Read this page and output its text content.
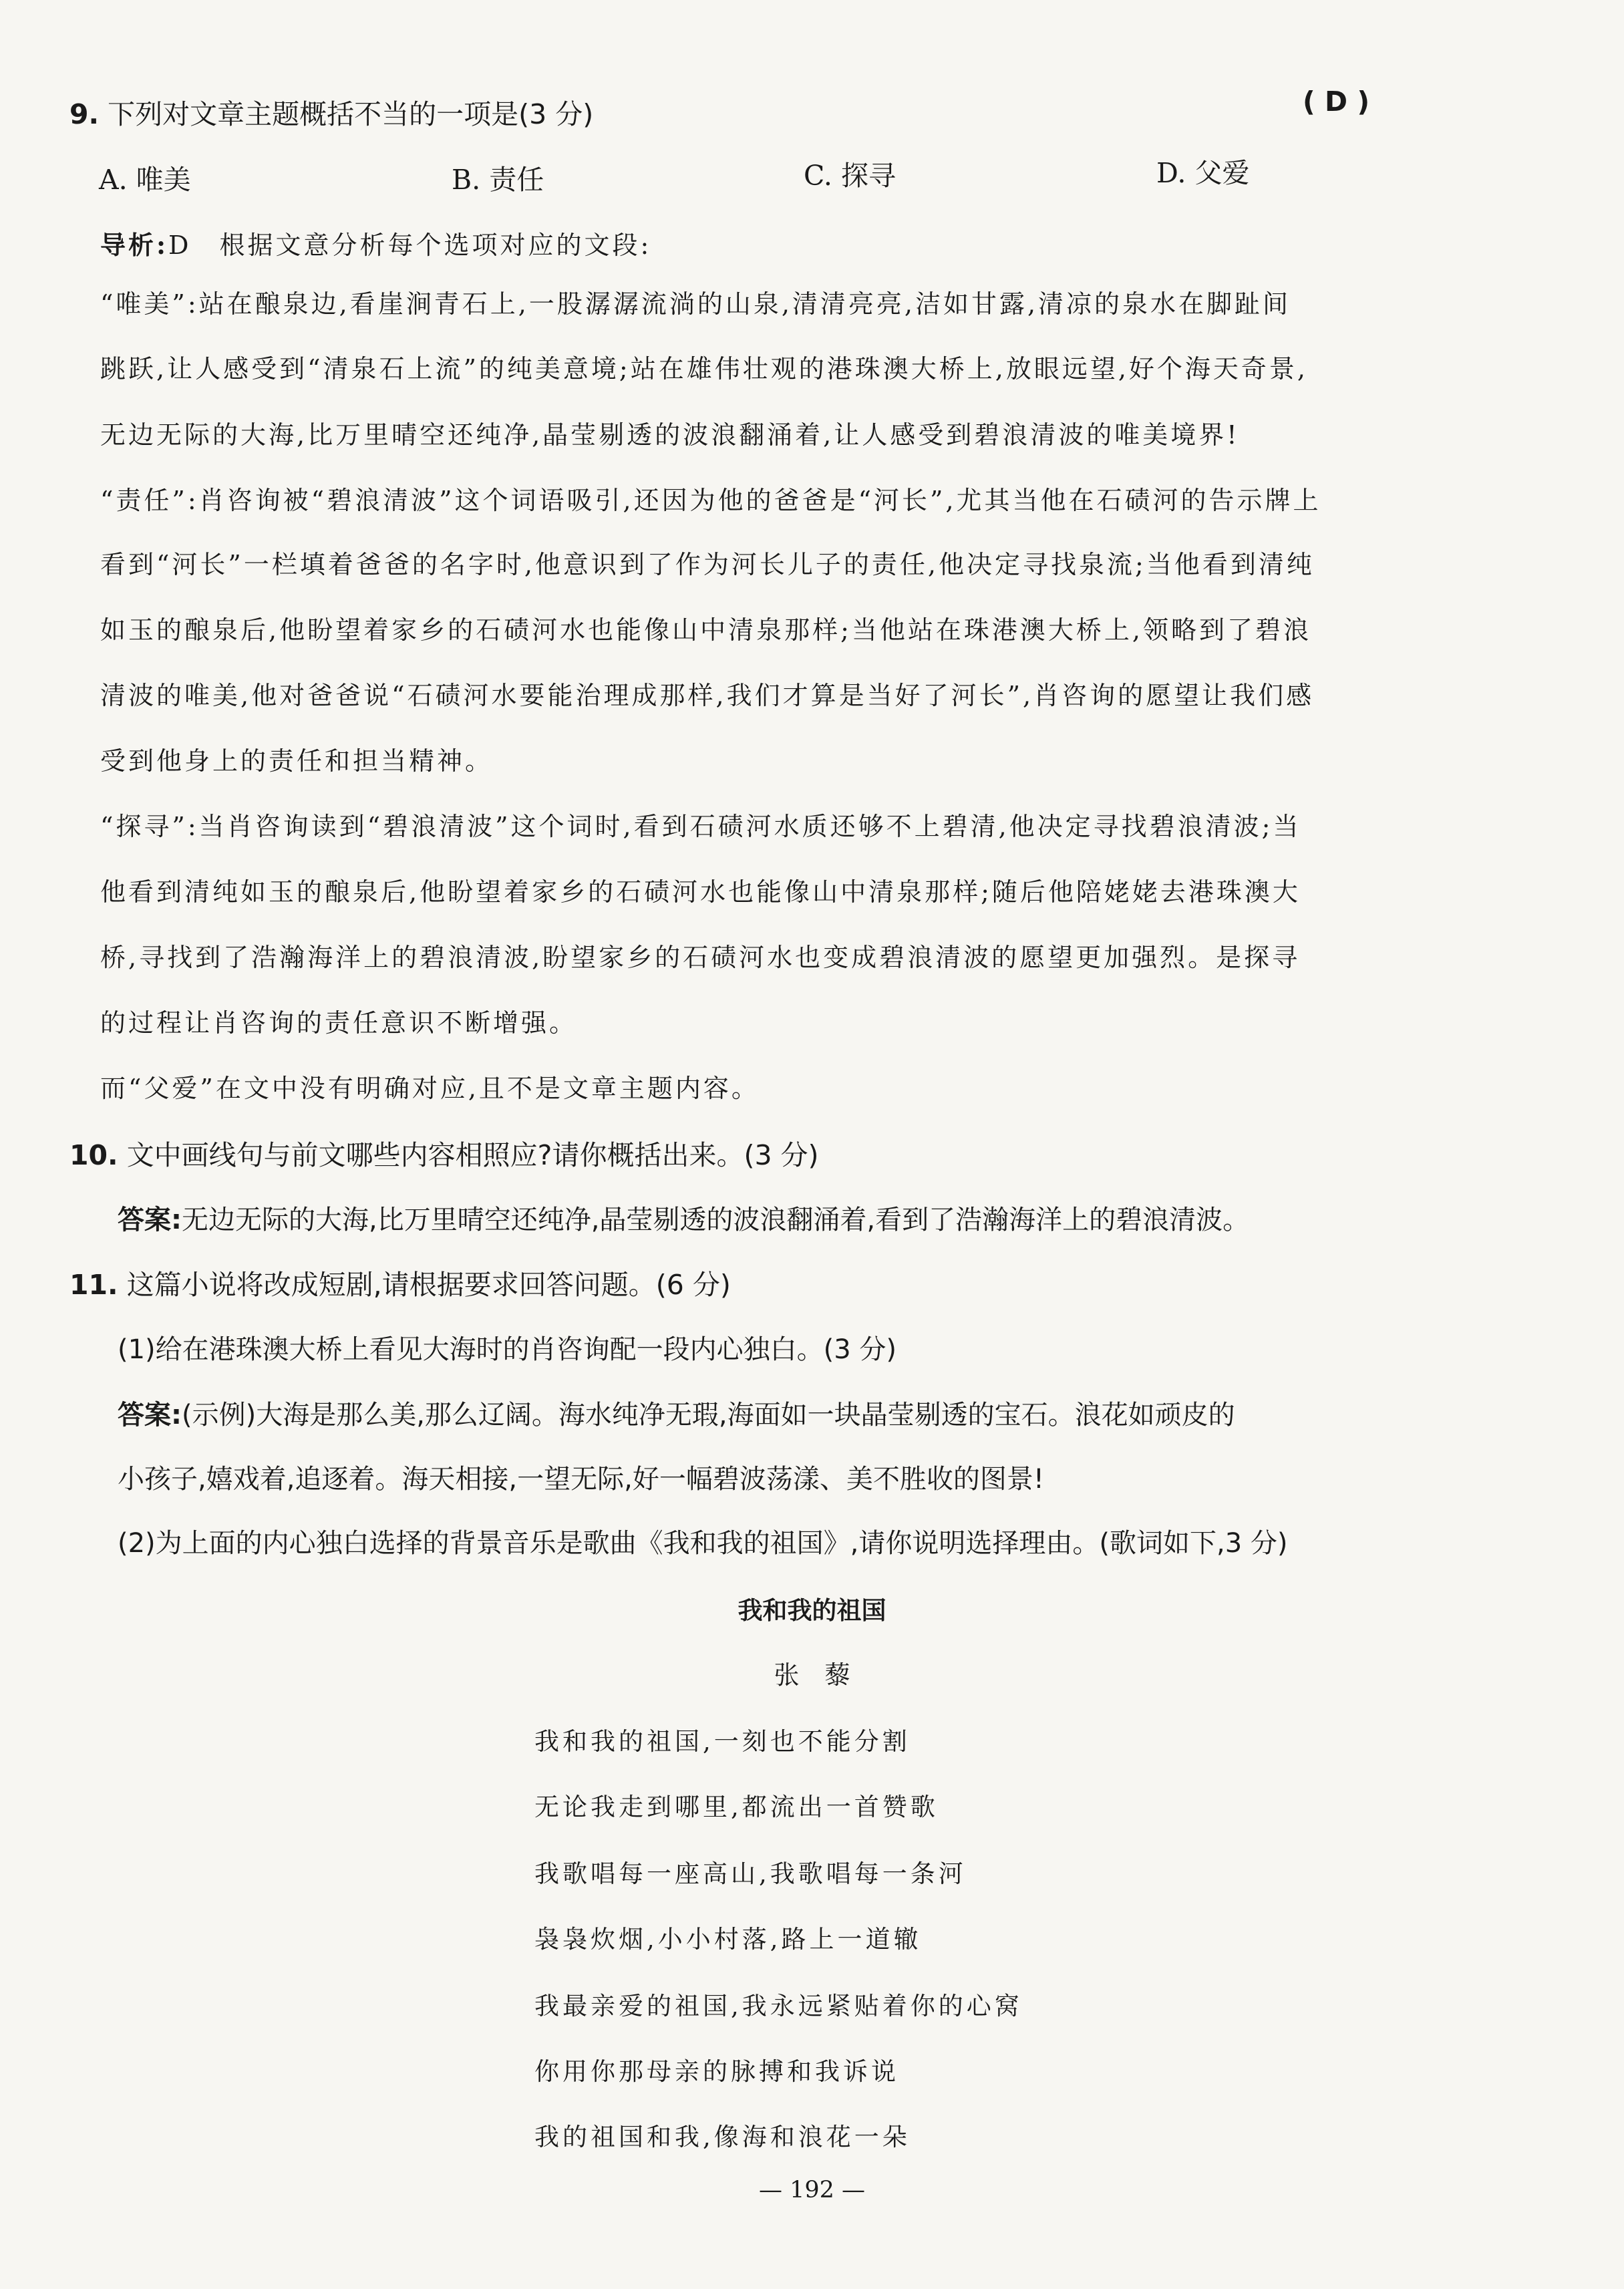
9. 下列对文章主题概括不当的一项是(3 分)	( D )
A. 唯美	B. 责任	C. 探寻	D. 父爱
导析:D　根据文意分析每个选项对应的文段:
“唯美”:站在酿泉边,看崖涧青石上,一股潺潺流淌的山泉,清清亮亮,洁如甘露,清凉的泉水在脚趾间
跳跃,让人感受到“清泉石上流”的纯美意境;站在雄伟壮观的港珠澳大桥上,放眼远望,好个海天奇景,
无边无际的大海,比万里晴空还纯净,晶莹剔透的波浪翻涌着,让人感受到碧浪清波的唯美境界!
“责任”:肖咨询被“碧浪清波”这个词语吸引,还因为他的爸爸是“河长”,尤其当他在石碛河的告示牌上
看到“河长”一栏填着爸爸的名字时,他意识到了作为河长儿子的责任,他决定寻找泉流;当他看到清纯
如玉的酿泉后,他盼望着家乡的石碛河水也能像山中清泉那样;当他站在珠港澳大桥上,领略到了碧浪
清波的唯美,他对爸爸说“石碛河水要能治理成那样,我们才算是当好了河长”,肖咨询的愿望让我们感
受到他身上的责任和担当精神。
“探寻”:当肖咨询读到“碧浪清波”这个词时,看到石碛河水质还够不上碧清,他决定寻找碧浪清波;当
他看到清纯如玉的酿泉后,他盼望着家乡的石碛河水也能像山中清泉那样;随后他陪姥姥去港珠澳大
桥,寻找到了浩瀚海洋上的碧浪清波,盼望家乡的石碛河水也变成碧浪清波的愿望更加强烈。是探寻
的过程让肖咨询的责任意识不断增强。
而“父爱”在文中没有明确对应,且不是文章主题内容。
10. 文中画线句与前文哪些内容相照应?请你概括出来。(3 分)
答案:无边无际的大海,比万里晴空还纯净,晶莹剔透的波浪翻涌着,看到了浩瀚海洋上的碧浪清波。
11. 这篇小说将改成短剧,请根据要求回答问题。(6 分)
(1)给在港珠澳大桥上看见大海时的肖咨询配一段内心独白。(3 分)
答案:(示例)大海是那么美,那么辽阔。海水纯净无瑕,海面如一块晶莹剔透的宝石。浪花如顽皮的
小孩子,嬉戏着,追逐着。海天相接,一望无际,好一幅碧波荡漾、美不胜收的图景!
(2)为上面的内心独白选择的背景音乐是歌曲《我和我的祖国》,请你说明选择理由。(歌词如下,3 分)
我和我的祖国
张　藜
我和我的祖国,一刻也不能分割
无论我走到哪里,都流出一首赞歌
我歌唱每一座高山,我歌唱每一条河
袅袅炊烟,小小村落,路上一道辙
我最亲爱的祖国,我永远紧贴着你的心窝
你用你那母亲的脉搏和我诉说
我的祖国和我,像海和浪花一朵
— 192 —
